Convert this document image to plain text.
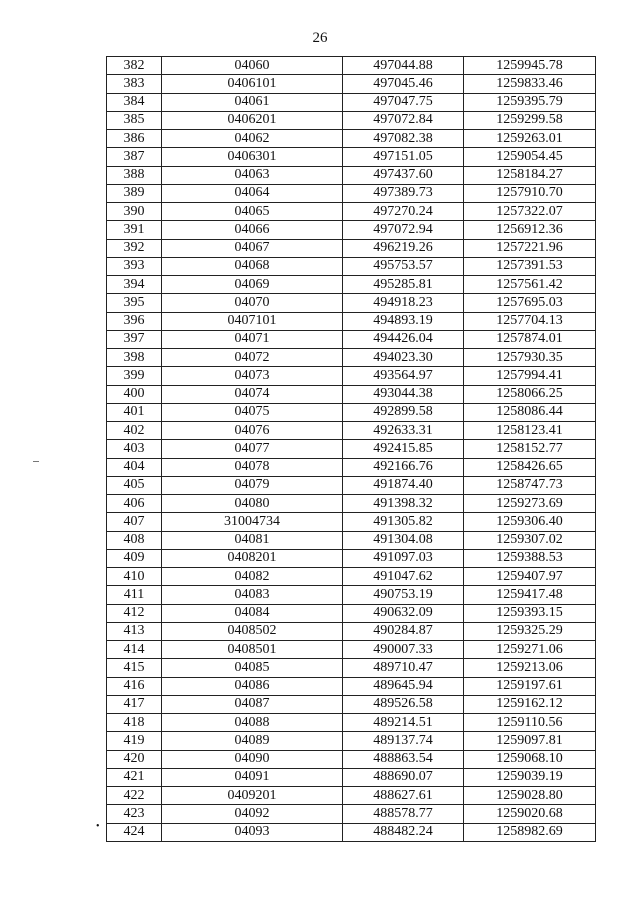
26
•
382	04060	497044.88	1259945.78
383	0406101	497045.46	1259833.46
384	04061	497047.75	1259395.79
385	0406201	497072.84	1259299.58
386	04062	497082.38	1259263.01
387	0406301	497151.05	1259054.45
388	04063	497437.60	1258184.27
389	04064	497389.73	1257910.70
390	04065	497270.24	1257322.07
391	04066	497072.94	1256912.36
392	04067	496219.26	1257221.96
393	04068	495753.57	1257391.53
394	04069	495285.81	1257561.42
395	04070	494918.23	1257695.03
396	0407101	494893.19	1257704.13
397	04071	494426.04	1257874.01
398	04072	494023.30	1257930.35
399	04073	493564.97	1257994.41
400	04074	493044.38	1258066.25
401	04075	492899.58	1258086.44
402	04076	492633.31	1258123.41
403	04077	492415.85	1258152.77
404	04078	492166.76	1258426.65
405	04079	491874.40	1258747.73
406	04080	491398.32	1259273.69
407	31004734	491305.82	1259306.40
408	04081	491304.08	1259307.02
409	0408201	491097.03	1259388.53
410	04082	491047.62	1259407.97
411	04083	490753.19	1259417.48
412	04084	490632.09	1259393.15
413	0408502	490284.87	1259325.29
414	0408501	490007.33	1259271.06
415	04085	489710.47	1259213.06
416	04086	489645.94	1259197.61
417	04087	489526.58	1259162.12
418	04088	489214.51	1259110.56
419	04089	489137.74	1259097.81
420	04090	488863.54	1259068.10
421	04091	488690.07	1259039.19
422	0409201	488627.61	1259028.80
423	04092	488578.77	1259020.68
424	04093	488482.24	1258982.69
